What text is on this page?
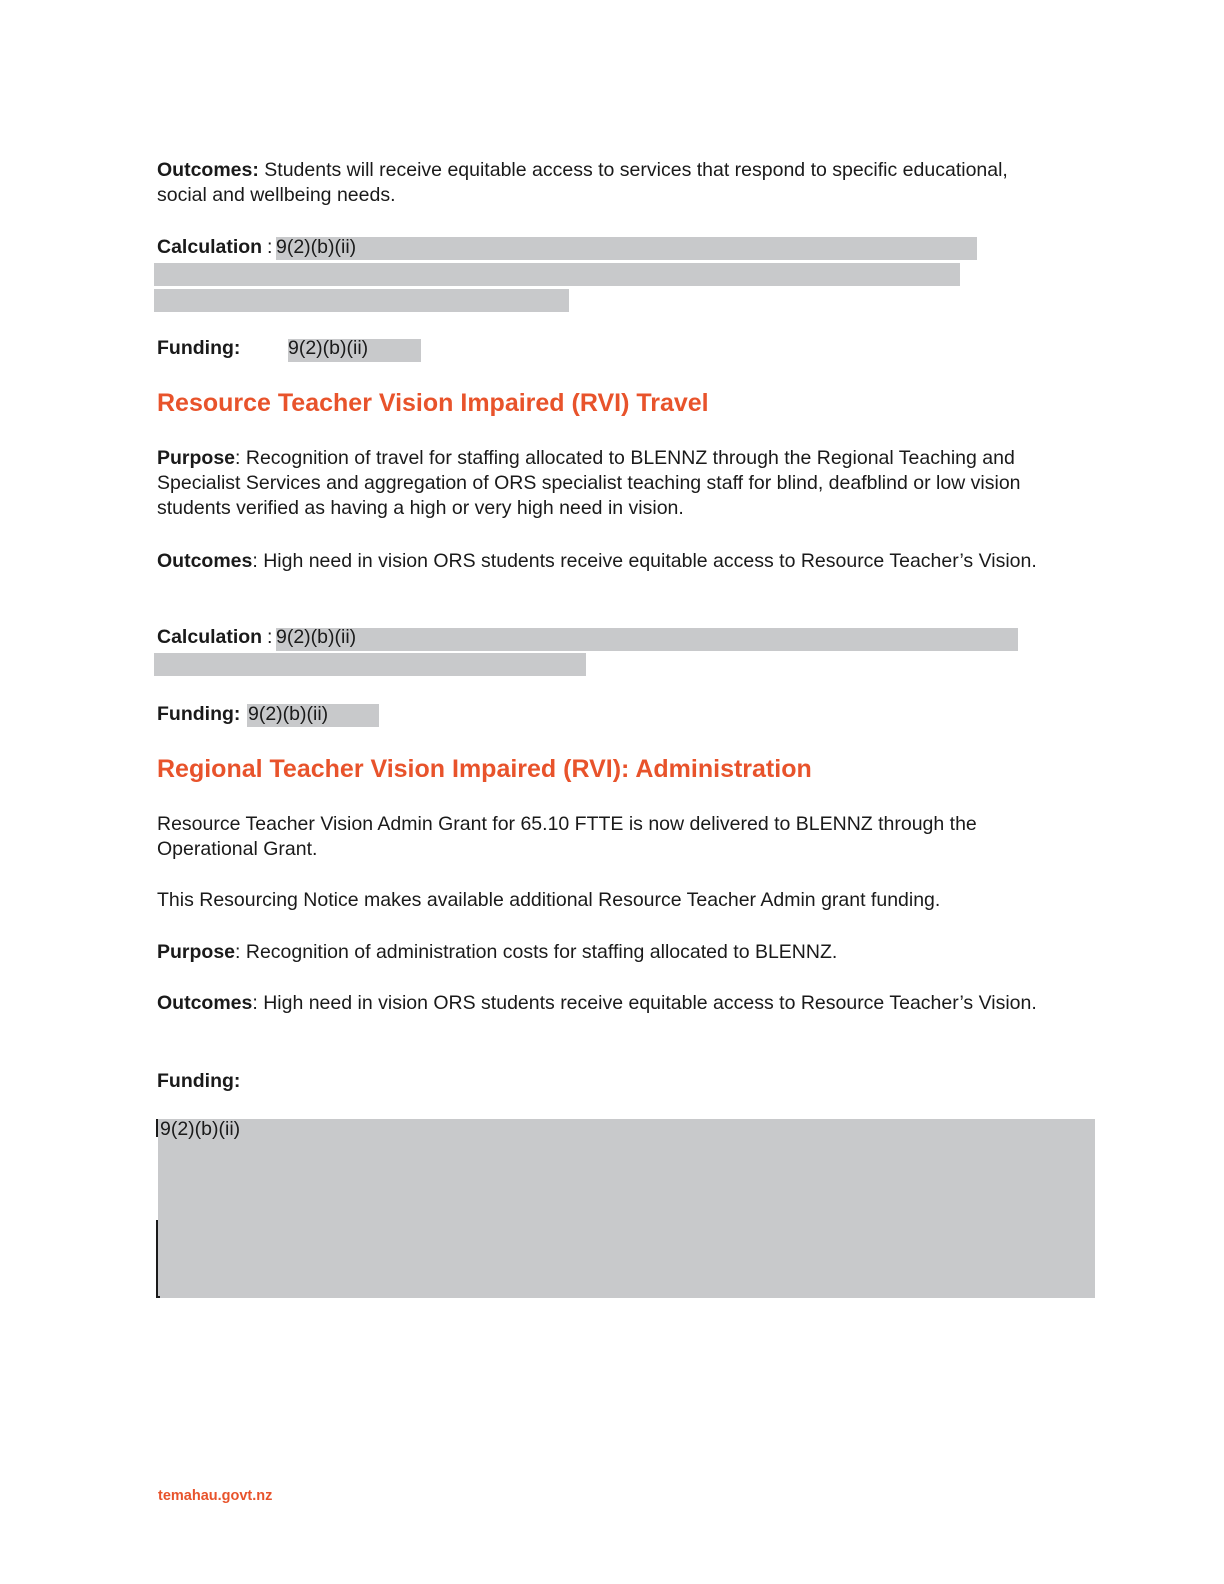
Outcomes: Students will receive equitable access to services that respond to specific educational, social and wellbeing needs.

Calculation : 9(2)(b)(ii)
Funding: 9(2)(b)(ii)
Resource Teacher Vision Impaired (RVI) Travel

Purpose: Recognition of travel for staffing allocated to BLENNZ through the Regional Teaching and Specialist Services and aggregation of ORS specialist teaching staff for blind, deafblind or low vision students verified as having a high or very high need in vision.

Outcomes: High need in vision ORS students receive equitable access to Resource Teacher’s Vision.

Calculation : 9(2)(b)(ii)
Funding: 9(2)(b)(ii)
Regional Teacher Vision Impaired (RVI): Administration

Resource Teacher Vision Admin Grant for 65.10 FTTE is now delivered to BLENNZ through the Operational Grant.

This Resourcing Notice makes available additional Resource Teacher Admin grant funding.

Purpose: Recognition of administration costs for staffing allocated to BLENNZ.

Outcomes: High need in vision ORS students receive equitable access to Resource Teacher’s Vision.

Funding:
9(2)(b)(ii)
temahau.govt.nz
